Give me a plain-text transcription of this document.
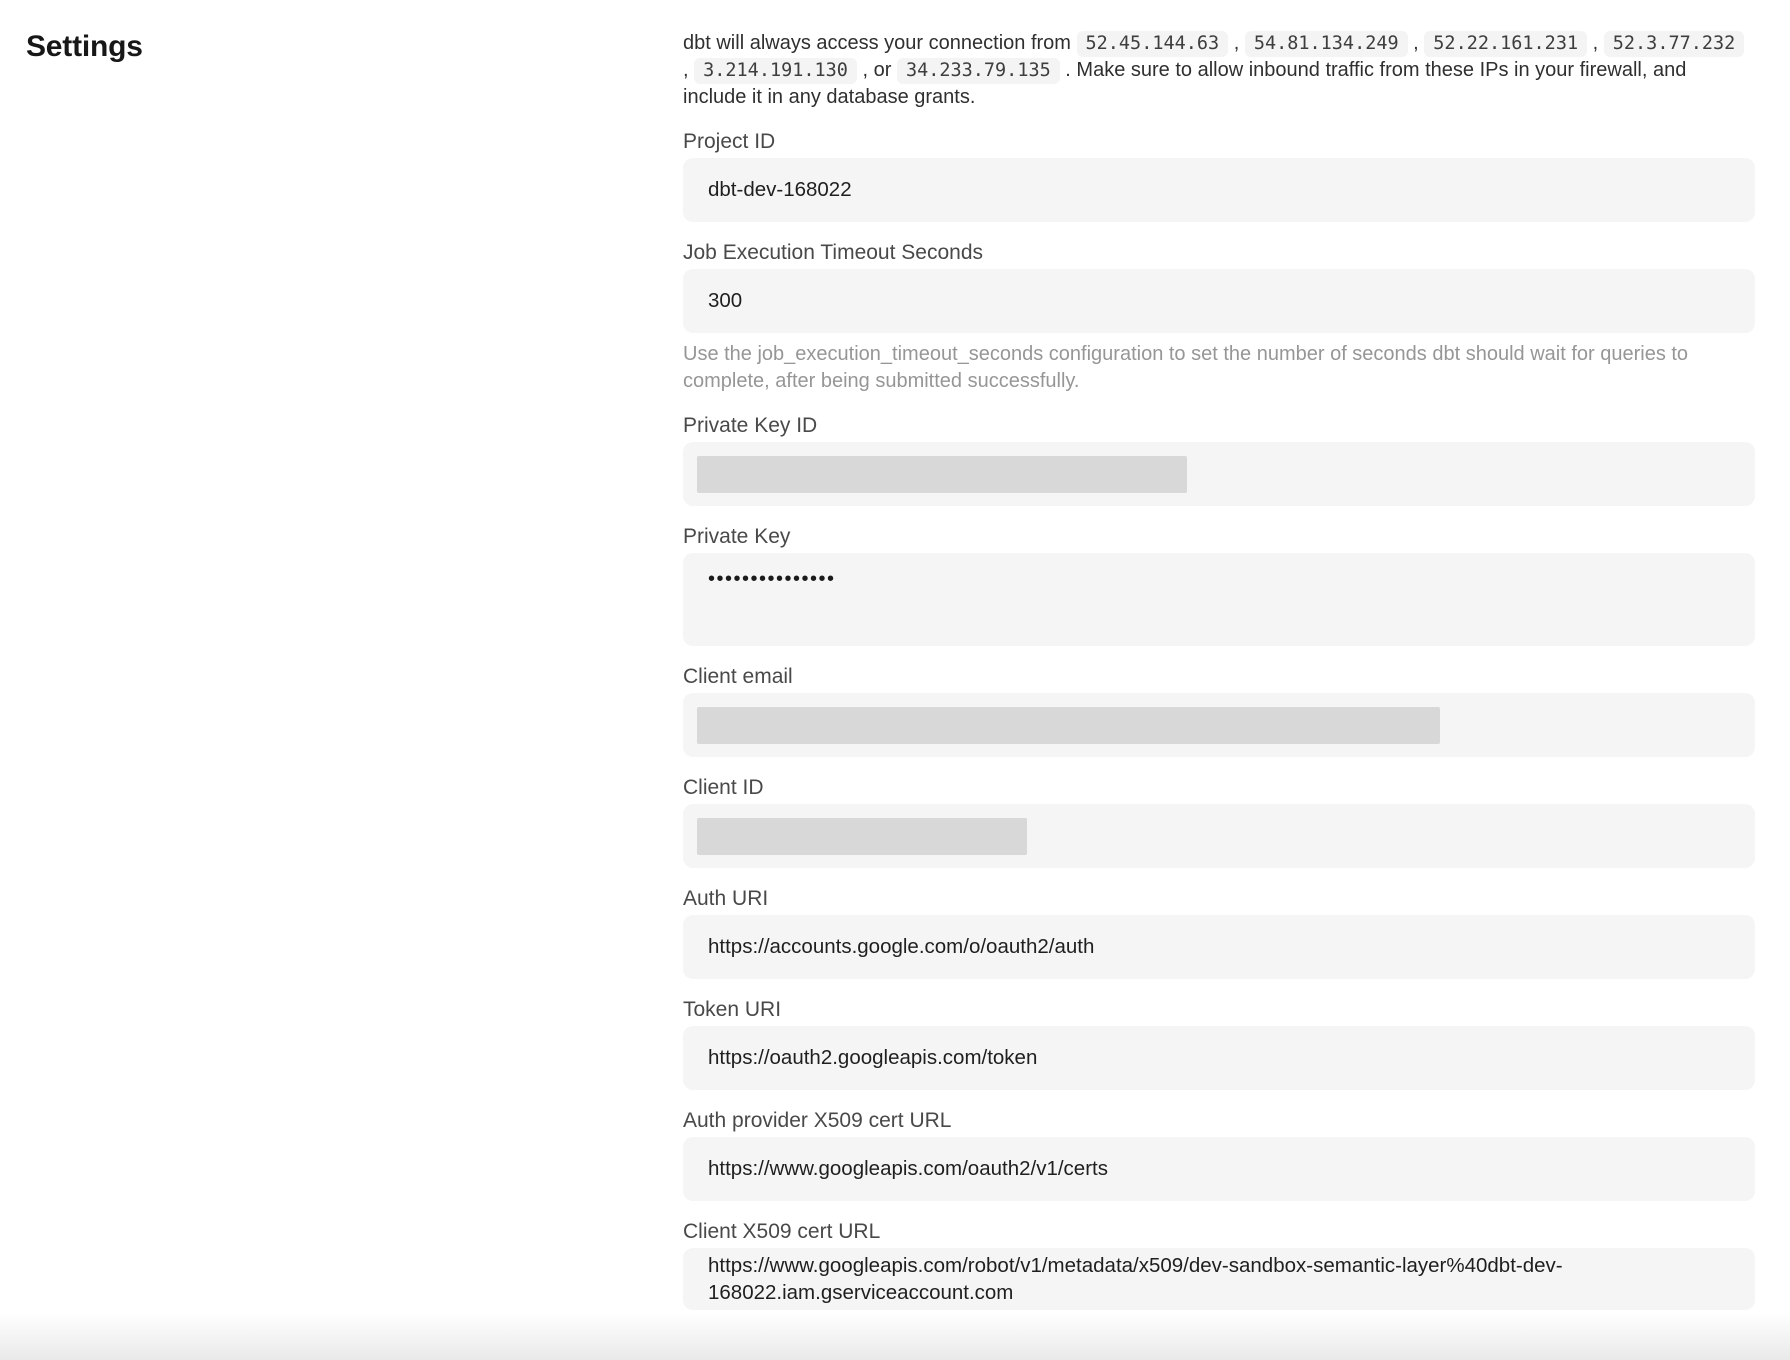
Settings	dbt will always access your connection from 52.45.144.63 , 54.81.134.249 , 52.22.161.231 , 52.3.77.232 , 3.214.191.130 , or 34.233.79.135 . Make sure to allow inbound traffic from these IPs in your firewall, and include it in any database grants.

Project ID
dbt-dev-168022
Job Execution Timeout Seconds
300
Use the job_execution_timeout_seconds configuration to set the number of seconds dbt should wait for queries to complete, after being submitted successfully.
Private Key ID
Private Key
•••••••••••••••
Client email
Client ID
Auth URI
https://accounts.google.com/o/oauth2/auth
Token URI
https://oauth2.googleapis.com/token
Auth provider X509 cert URL
https://www.googleapis.com/oauth2/v1/certs
Client X509 cert URL
https://www.googleapis.com/robot/v1/metadata/x509/dev-sandbox-semantic-layer%40dbt-dev-168022.iam.gserviceaccount.com
